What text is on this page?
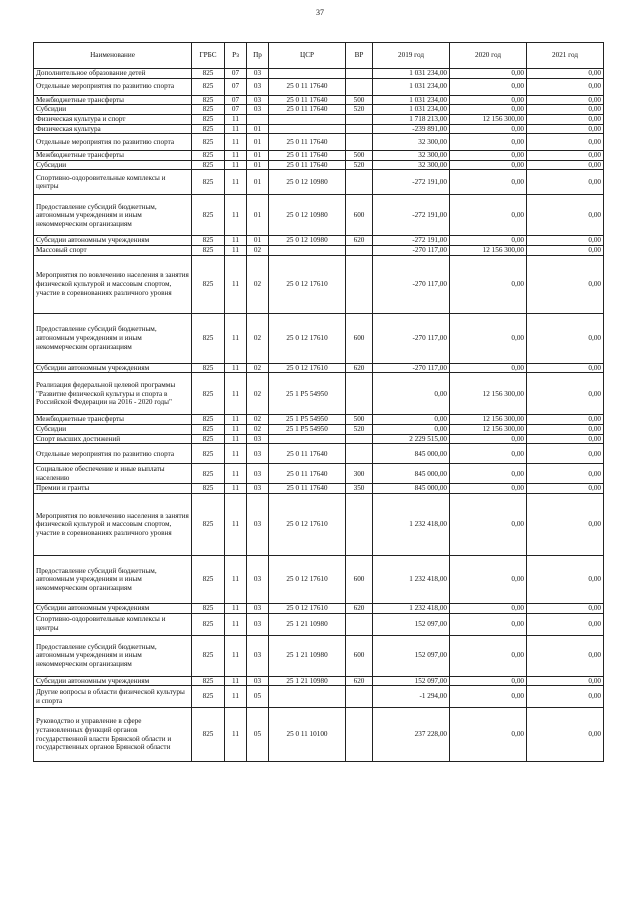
37
Наименование	ГРБС	Рз	Пр	ЦСР	ВР	2019 год	2020 год	2021 год
Дополнительное образование детей	825	07	03			1 031 234,00	0,00	0,00
Отдельные мероприятия по развитию спорта	825	07	03	25 0 11 17640		1 031 234,00	0,00	0,00
Межбюджетные трансферты	825	07	03	25 0 11 17640	500	1 031 234,00	0,00	0,00
Субсидии	825	07	03	25 0 11 17640	520	1 031 234,00	0,00	0,00
Физическая культура и спорт	825	11				1 718 213,00	12 156 300,00	0,00
Физическая культура	825	11	01			-239 891,00	0,00	0,00
Отдельные мероприятия по развитию спорта	825	11	01	25 0 11 17640		32 300,00	0,00	0,00
Межбюджетные трансферты	825	11	01	25 0 11 17640	500	32 300,00	0,00	0,00
Субсидии	825	11	01	25 0 11 17640	520	32 300,00	0,00	0,00
Спортивно-оздоровительные комплексы и центры	825	11	01	25 0 12 10980		-272 191,00	0,00	0,00
Предоставление субсидий бюджетным, автономным учреждениям и иным некоммерческим организациям	825	11	01	25 0 12 10980	600	-272 191,00	0,00	0,00
Субсидии автономным учреждениям	825	11	01	25 0 12 10980	620	-272 191,00	0,00	0,00
Массовый спорт	825	11	02			-270 117,00	12 156 300,00	0,00
Мероприятия по вовлечению населения в занятия физической культурой и массовым спортом, участие в соревнованиях различного уровня	825	11	02	25 0 12 17610		-270 117,00	0,00	0,00
Предоставление субсидий бюджетным, автономным учреждениям и иным некоммерческим организациям	825	11	02	25 0 12 17610	600	-270 117,00	0,00	0,00
Субсидии автономным учреждениям	825	11	02	25 0 12 17610	620	-270 117,00	0,00	0,00
Реализация федеральной целевой программы "Развитие физической культуры и спорта в Российской Федерации на 2016 - 2020 годы"	825	11	02	25 1 P5 54950		0,00	12 156 300,00	0,00
Межбюджетные трансферты	825	11	02	25 1 P5 54950	500	0,00	12 156 300,00	0,00
Субсидии	825	11	02	25 1 P5 54950	520	0,00	12 156 300,00	0,00
Спорт высших достижений	825	11	03			2 229 515,00	0,00	0,00
Отдельные мероприятия по развитию спорта	825	11	03	25 0 11 17640		845 000,00	0,00	0,00
Социальное обеспечение и иные выплаты населению	825	11	03	25 0 11 17640	300	845 000,00	0,00	0,00
Премии и гранты	825	11	03	25 0 11 17640	350	845 000,00	0,00	0,00
Мероприятия по вовлечению населения в занятия физической культурой и массовым спортом, участие в соревнованиях различного уровня	825	11	03	25 0 12 17610		1 232 418,00	0,00	0,00
Предоставление субсидий бюджетным, автономным учреждениям и иным некоммерческим организациям	825	11	03	25 0 12 17610	600	1 232 418,00	0,00	0,00
Субсидии автономным учреждениям	825	11	03	25 0 12 17610	620	1 232 418,00	0,00	0,00
Спортивно-оздоровительные комплексы и центры	825	11	03	25 1 21 10980		152 097,00	0,00	0,00
Предоставление субсидий бюджетным, автономным учреждениям и иным некоммерческим организациям	825	11	03	25 1 21 10980	600	152 097,00	0,00	0,00
Субсидии автономным учреждениям	825	11	03	25 1 21 10980	620	152 097,00	0,00	0,00
Другие вопросы в области физической культуры и спорта	825	11	05			-1 294,00	0,00	0,00
Руководство и управление в сфере установленных функций органов государственной власти Брянской области и государственных органов Брянской области	825	11	05	25 0 11 10100		237 228,00	0,00	0,00
